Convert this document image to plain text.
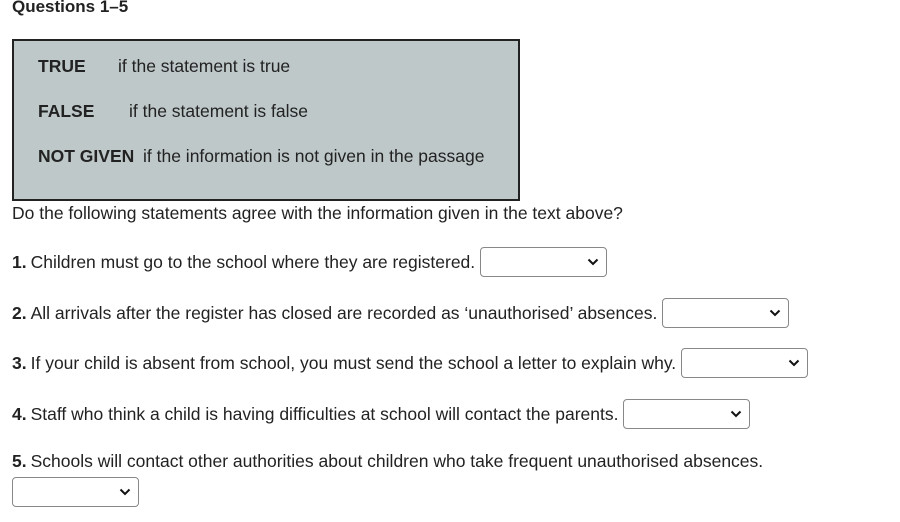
Questions 1–5
TRUE if the statement is true
FALSE if the statement is false
NOT GIVEN if the information is not given in the passage
Do the following statements agree with the information given in the text above?
1. Children must go to the school where they are registered.
2. All arrivals after the register has closed are recorded as ‘unauthorised’ absences.
3. If your child is absent from school, you must send the school a letter to explain why.
4. Staff who think a child is having difficulties at school will contact the parents.
5. Schools will contact other authorities about children who take frequent unauthorised absences.
